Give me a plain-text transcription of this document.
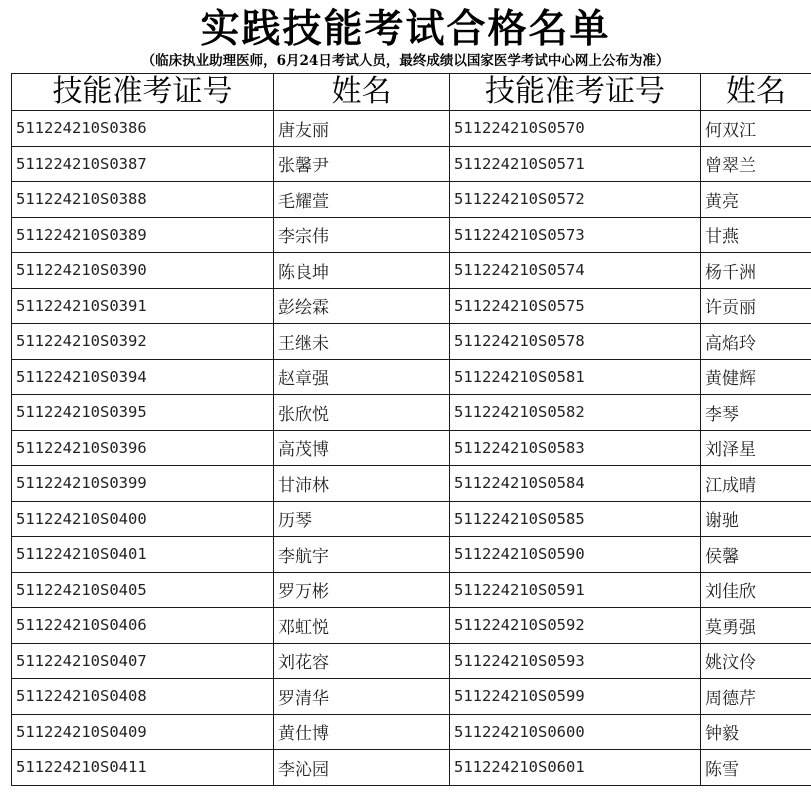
实践技能考试合格名单
（临床执业助理医师，6月24日考试人员，最终成绩以国家医学考试中心网上公布为准）
技能准考证号	姓名	技能准考证号	姓名
511224210S0386	唐友丽	511224210S0570	何双江
511224210S0387	张馨尹	511224210S0571	曾翠兰
511224210S0388	毛耀萱	511224210S0572	黄亮
511224210S0389	李宗伟	511224210S0573	甘燕
511224210S0390	陈良坤	511224210S0574	杨千洲
511224210S0391	彭绘霖	511224210S0575	许贡丽
511224210S0392	王继未	511224210S0578	高焰玲
511224210S0394	赵章强	511224210S0581	黄健辉
511224210S0395	张欣悦	511224210S0582	李琴
511224210S0396	高茂博	511224210S0583	刘泽星
511224210S0399	甘沛林	511224210S0584	江成晴
511224210S0400	历琴	511224210S0585	谢驰
511224210S0401	李航宇	511224210S0590	侯馨
511224210S0405	罗万彬	511224210S0591	刘佳欣
511224210S0406	邓虹悦	511224210S0592	莫勇强
511224210S0407	刘花容	511224210S0593	姚汶伶
511224210S0408	罗清华	511224210S0599	周德芹
511224210S0409	黄仕博	511224210S0600	钟毅
511224210S0411	李沁园	511224210S0601	陈雪
